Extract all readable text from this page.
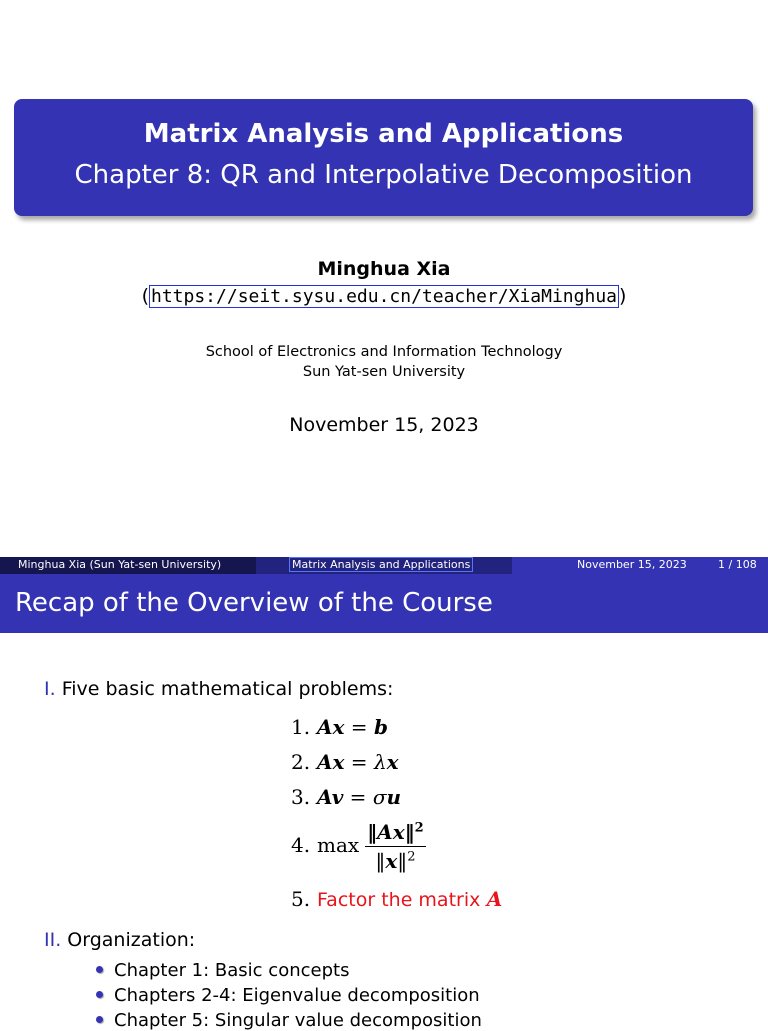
Matrix Analysis and Applications
Chapter 8: QR and Interpolative Decomposition
Minghua Xia
( https://seit.sysu.edu.cn/teacher/XiaMinghua )
School of Electronics and Information Technology
Sun Yat-sen University
November 15, 2023
Minghua Xia (Sun Yat-sen University)	Matrix Analysis and Applications	November 15, 2023	1 / 108
Recap of the Overview of the Course
I. Five basic mathematical problems:
1. Ax = b
2. Ax = λx
3. Av = σu
4. $\max \frac{‖Ax‖^2}{‖x‖^2}$
5. Factor the matrix A
II. Organization:
Chapter 1: Basic concepts
Chapters 2-4: Eigenvalue decomposition
Chapter 5: Singular value decomposition
